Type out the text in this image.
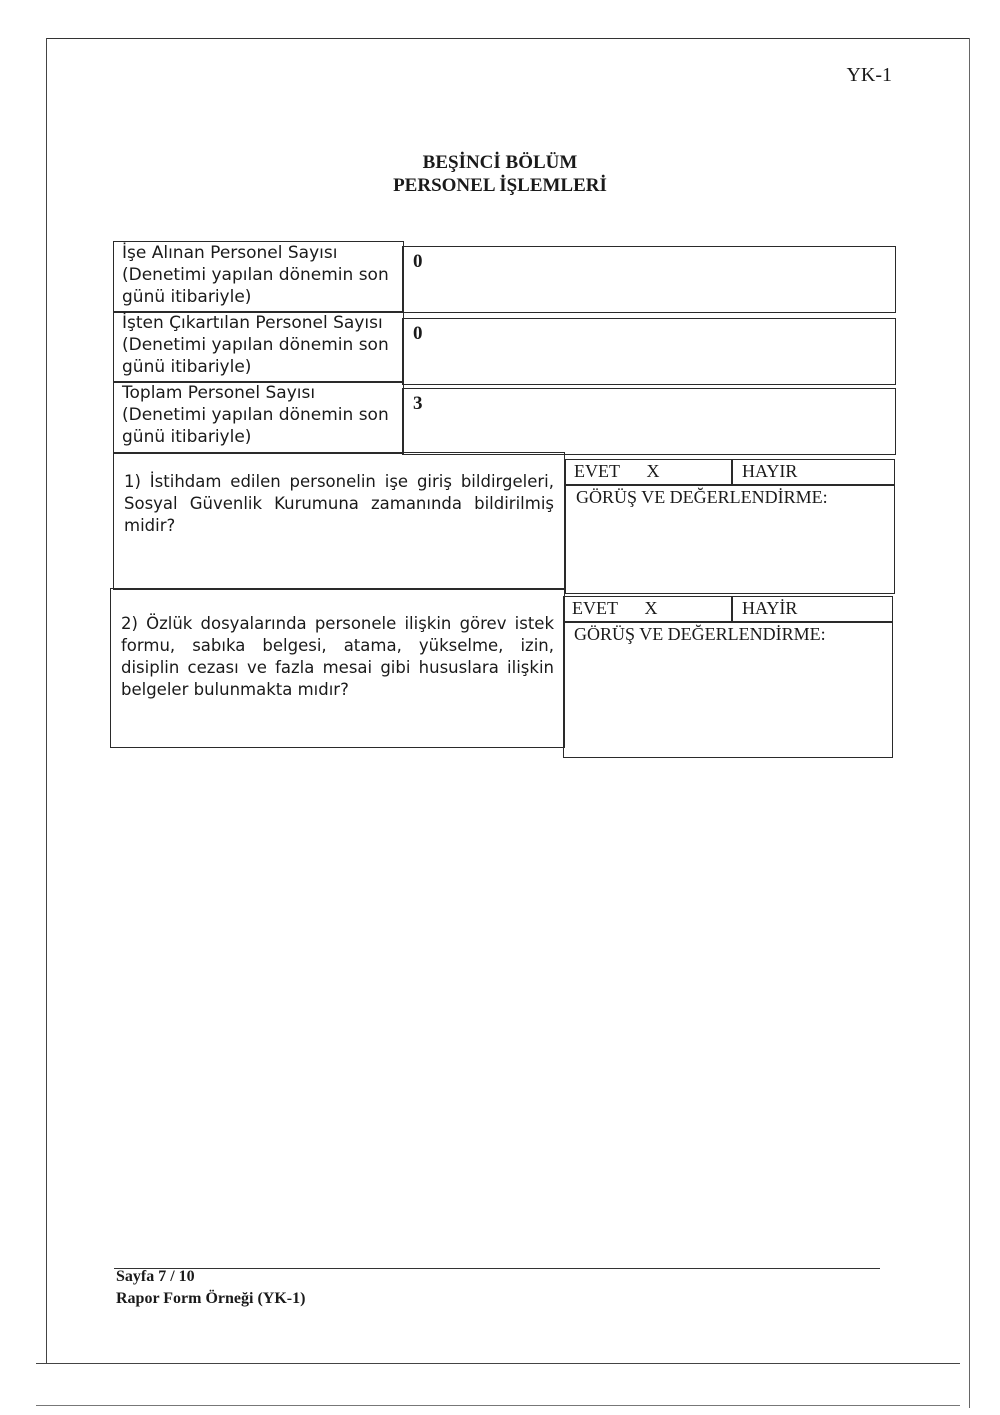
YK-1
BEŞİNCİ BÖLÜM
PERSONEL İŞLEMLERİ
İşe Alınan Personel Sayısı
(Denetimi yapılan dönemin son
günü itibariyle)
0
İşten Çıkartılan Personel Sayısı
(Denetimi yapılan dönemin son
günü itibariyle)
0
Toplam Personel Sayısı
(Denetimi yapılan dönemin son
günü itibariyle)
3
1) İstihdam edilen personelin işe giriş bildirgeleri, Sosyal Güvenlik Kurumuna zamanında bildirilmiş midir?
EVET X	HAYIR
GÖRÜŞ VE DEĞERLENDİRME:
2) Özlük dosyalarında personele ilişkin görev istek formu, sabıka belgesi, atama, yükselme, izin, disiplin cezası ve fazla mesai gibi hususlara ilişkin belgeler bulunmakta mıdır?
EVET X	HAYİR
GÖRÜŞ VE DEĞERLENDİRME:
Sayfa 7 / 10
Rapor Form Örneği (YK-1)
